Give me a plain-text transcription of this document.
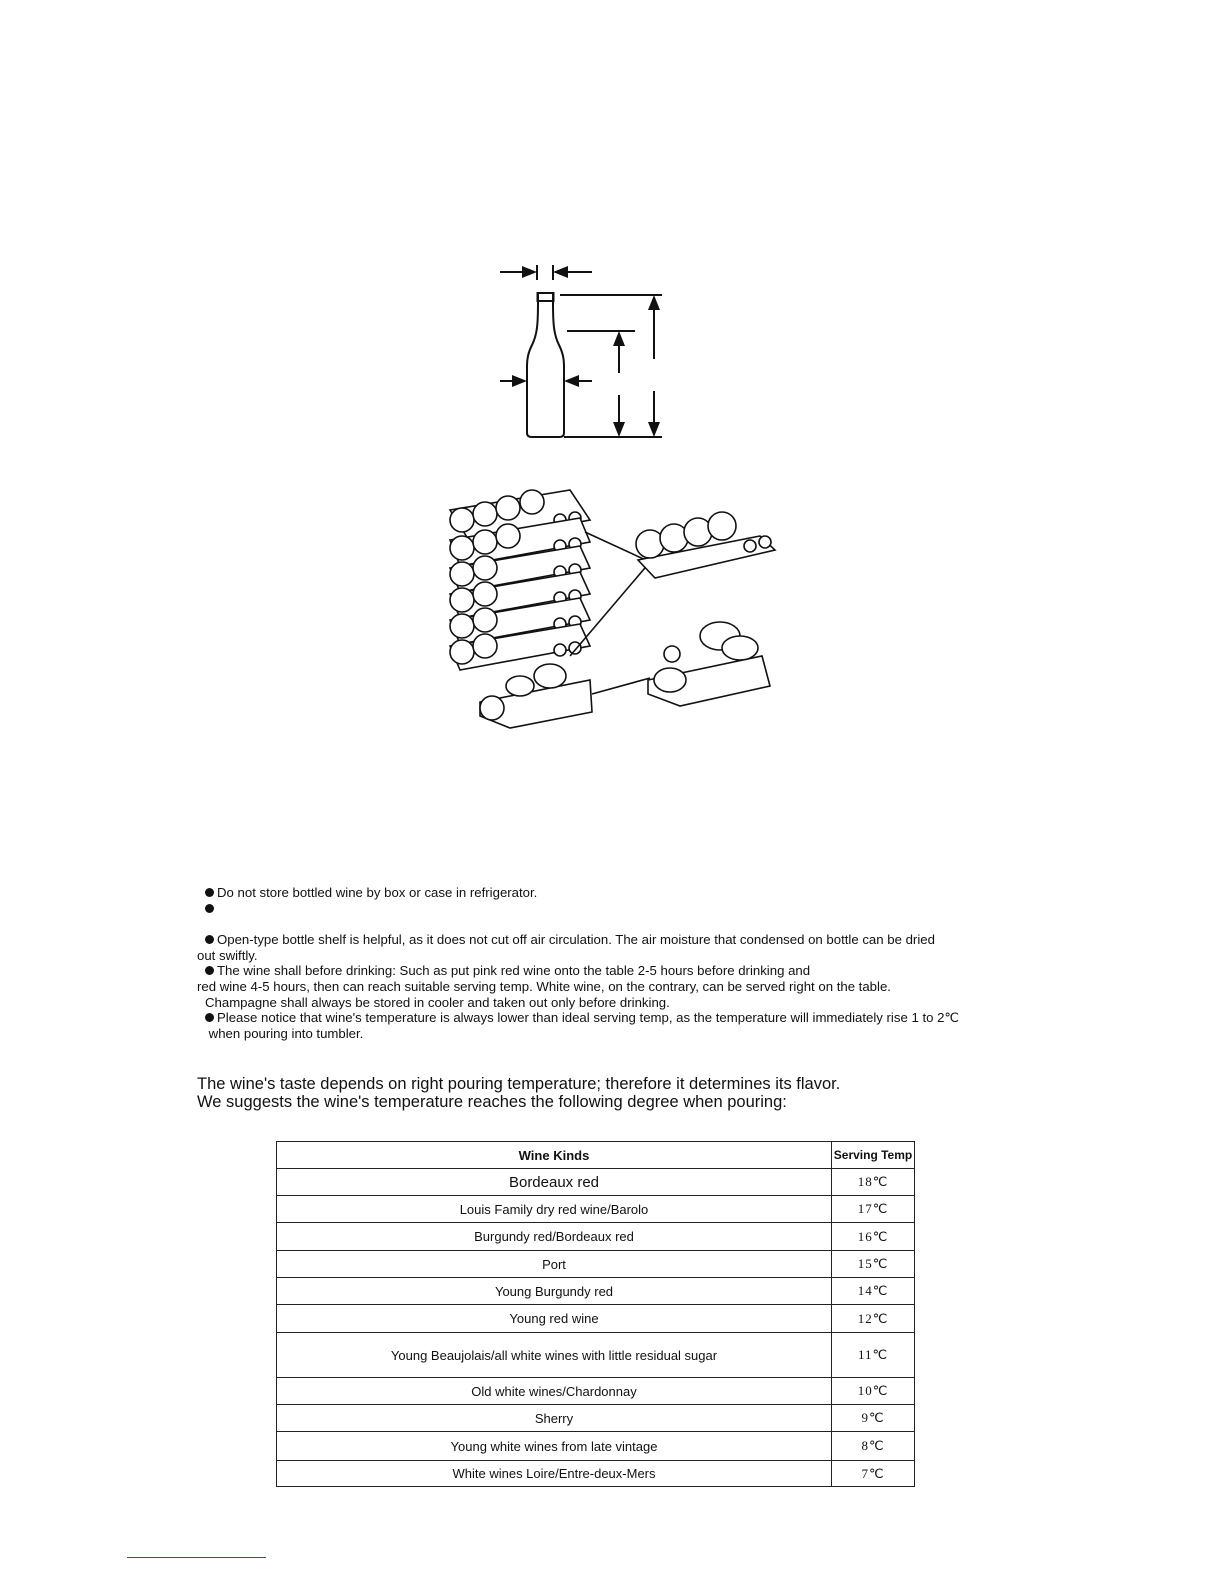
Do not store bottled wine by box or case in refrigerator.
Open-type bottle shelf is helpful, as it does not cut off air circulation. The air moisture that condensed on bottle can be dried
out swiftly.
The wine shall before drinking: Such as put pink red wine onto the table 2-5 hours before drinking and
red wine 4-5 hours, then can reach suitable serving temp. White wine, on the contrary, can be served right on the table.
Champagne shall always be stored in cooler and taken out only before drinking.
Please notice that wine's temperature is always lower than ideal serving temp, as the temperature will immediately rise 1 to 2℃
when pouring into tumbler.
The wine's taste depends on right pouring temperature; therefore it determines its flavor.
We suggests the wine's temperature reaches the following degree when pouring:
Wine Kinds	Serving Temp
Bordeaux red	18℃
Louis Family dry red wine/Barolo	17℃
Burgundy red/Bordeaux red	16℃
Port	15℃
Young Burgundy red	14℃
Young red wine	12℃
Young Beaujolais/all white wines with little residual sugar	11℃
Old white wines/Chardonnay	10℃
Sherry	9℃
Young white wines from late vintage	8℃
White wines Loire/Entre-deux-Mers	7℃
